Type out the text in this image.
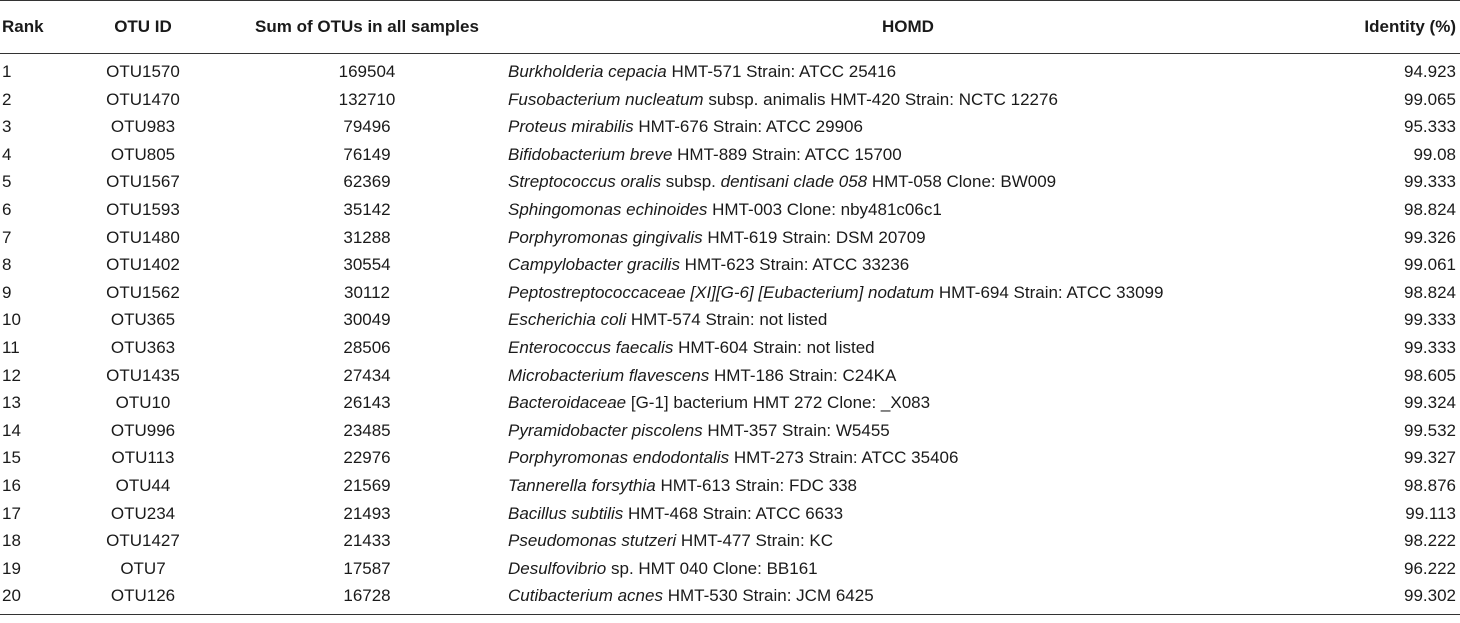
Rank	OTU ID	Sum of OTUs in all samples	HOMD	Identity (%)
1	OTU1570	169504	Burkholderia cepacia HMT-571 Strain: ATCC 25416	94.923
2	OTU1470	132710	Fusobacterium nucleatum subsp. animalis HMT-420 Strain: NCTC 12276	99.065
3	OTU983	79496	Proteus mirabilis HMT-676 Strain: ATCC 29906	95.333
4	OTU805	76149	Bifidobacterium breve HMT-889 Strain: ATCC 15700	99.08
5	OTU1567	62369	Streptococcus oralis subsp. dentisani clade 058 HMT-058 Clone: BW009	99.333
6	OTU1593	35142	Sphingomonas echinoides HMT-003 Clone: nby481c06c1	98.824
7	OTU1480	31288	Porphyromonas gingivalis HMT-619 Strain: DSM 20709	99.326
8	OTU1402	30554	Campylobacter gracilis HMT-623 Strain: ATCC 33236	99.061
9	OTU1562	30112	Peptostreptococcaceae [XI][G-6] [Eubacterium] nodatum HMT-694 Strain: ATCC 33099	98.824
10	OTU365	30049	Escherichia coli HMT-574 Strain: not listed	99.333
11	OTU363	28506	Enterococcus faecalis HMT-604 Strain: not listed	99.333
12	OTU1435	27434	Microbacterium flavescens HMT-186 Strain: C24KA	98.605
13	OTU10	26143	Bacteroidaceae [G-1] bacterium HMT 272 Clone: _X083	99.324
14	OTU996	23485	Pyramidobacter piscolens HMT-357 Strain: W5455	99.532
15	OTU113	22976	Porphyromonas endodontalis HMT-273 Strain: ATCC 35406	99.327
16	OTU44	21569	Tannerella forsythia HMT-613 Strain: FDC 338	98.876
17	OTU234	21493	Bacillus subtilis HMT-468 Strain: ATCC 6633	99.113
18	OTU1427	21433	Pseudomonas stutzeri HMT-477 Strain: KC	98.222
19	OTU7	17587	Desulfovibrio sp. HMT 040 Clone: BB161	96.222
20	OTU126	16728	Cutibacterium acnes HMT-530 Strain: JCM 6425	99.302
